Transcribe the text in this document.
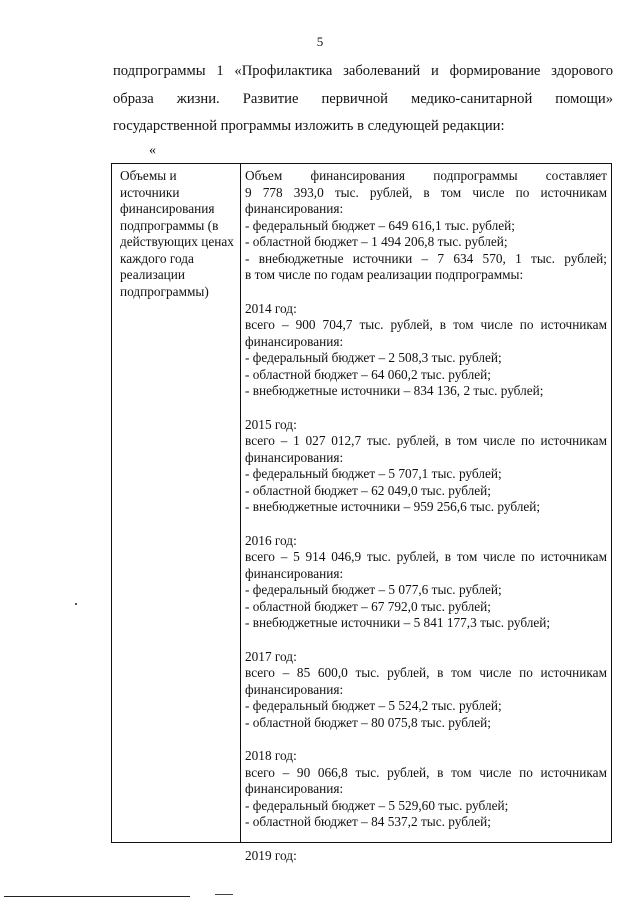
5
подпрограммы 1 «Профилактика заболеваний и формирование здорового
образа жизни. Развитие первичной медико-санитарной помощи»
государственной программы изложить в следующей редакции:
«
Объемы и источники финансирования подпрограммы (в действующих ценах каждого года реализации подпрограммы)
Объем финансирования подпрограммы составляет
9 778 393,0 тыс. рублей, в том числе по источникам
финансирования:
- федеральный бюджет – 649 616,1 тыс. рублей;
- областной бюджет – 1 494 206,8 тыс. рублей;
- внебюджетные источники – 7 634 570, 1 тыс. рублей;
в том числе по годам реализации подпрограммы:
2014 год:
всего – 900 704,7 тыс. рублей, в том числе по источникам
финансирования:
- федеральный бюджет – 2 508,3 тыс. рублей;
- областной бюджет – 64 060,2 тыс. рублей;
- внебюджетные источники – 834 136, 2 тыс. рублей;
2015 год:
всего – 1 027 012,7 тыс. рублей, в том числе по источникам
финансирования:
- федеральный бюджет – 5 707,1 тыс. рублей;
- областной бюджет – 62 049,0 тыс. рублей;
- внебюджетные источники – 959 256,6 тыс. рублей;
2016 год:
всего – 5 914 046,9 тыс. рублей, в том числе по источникам
финансирования:
- федеральный бюджет – 5 077,6 тыс. рублей;
- областной бюджет – 67 792,0 тыс. рублей;
- внебюджетные источники – 5 841 177,3 тыс. рублей;
2017 год:
всего – 85 600,0 тыс. рублей, в том числе по источникам
финансирования:
- федеральный бюджет – 5 524,2 тыс. рублей;
- областной бюджет – 80 075,8 тыс. рублей;
2018 год:
всего – 90 066,8 тыс. рублей, в том числе по источникам
финансирования:
- федеральный бюджет – 5 529,60 тыс. рублей;
- областной бюджет – 84 537,2 тыс. рублей;
2019 год:
